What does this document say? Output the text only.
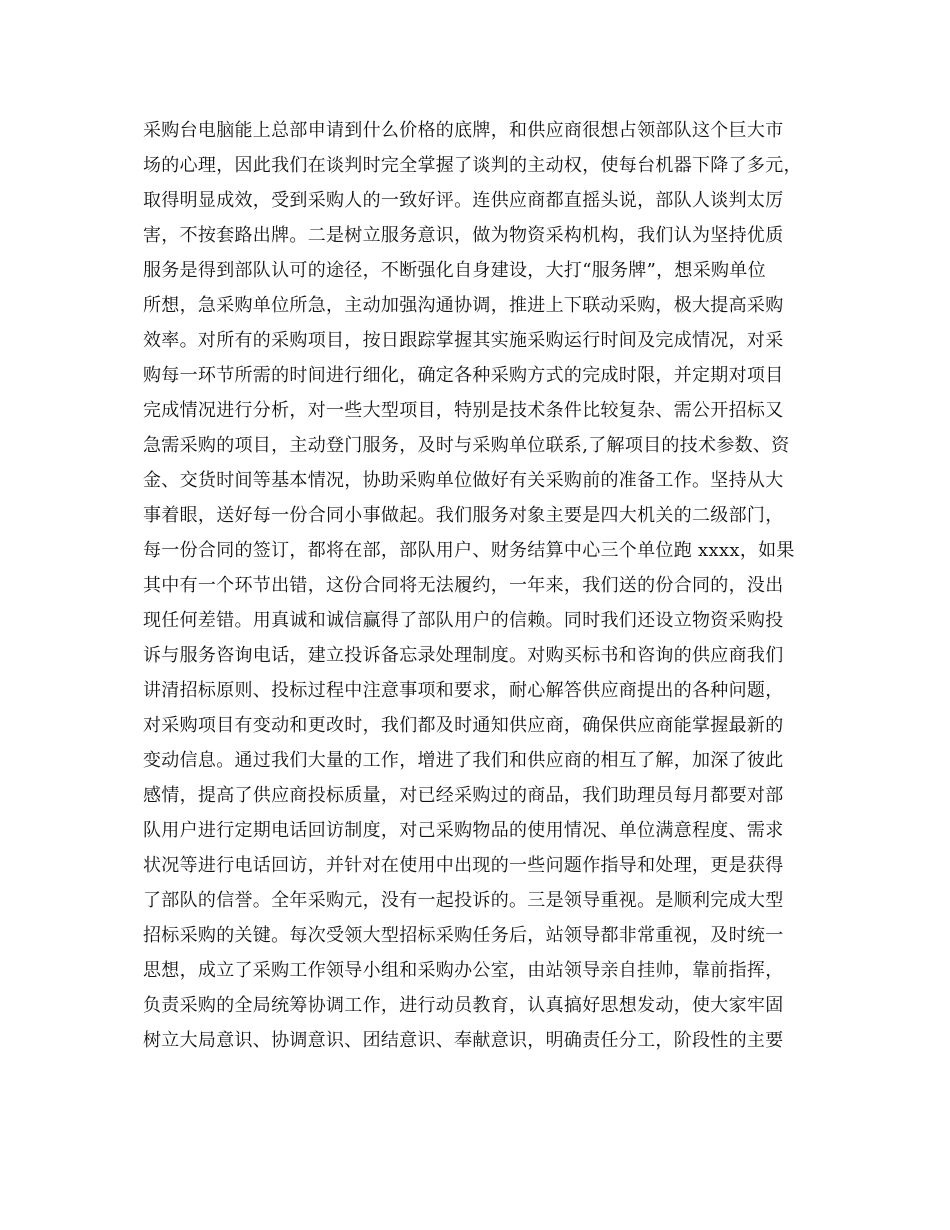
采购台电脑能上总部申请到什么价格的底牌，和供应商很想占领部队这个巨大市
场的心理，因此我们在谈判时完全掌握了谈判的主动权，使每台机器下降了多元，
取得明显成效，受到采购人的一致好评。连供应商都直摇头说，部队人谈判太厉
害，不按套路出牌。二是树立服务意识，做为物资采构机构，我们认为坚持优质
服务是得到部队认可的途径，不断强化自身建设，大打“服务牌”，想采购单位
所想，急采购单位所急，主动加强沟通协调，推进上下联动采购，极大提高采购
效率。对所有的采购项目，按日跟踪掌握其实施采购运行时间及完成情况，对采
购每一环节所需的时间进行细化，确定各种采购方式的完成时限，并定期对项目
完成情况进行分析，对一些大型项目，特别是技术条件比较复杂、需公开招标又
急需采购的项目，主动登门服务，及时与采购单位联系,了解项目的技术参数、资
金、交货时间等基本情况，协助采购单位做好有关采购前的准备工作。坚持从大
事着眼，送好每一份合同小事做起。我们服务对象主要是四大机关的二级部门，
每一份合同的签订，都将在部，部队用户、财务结算中心三个单位跑 xxxx，如果
其中有一个环节出错，这份合同将无法履约，一年来，我们送的份合同的，没出
现任何差错。用真诚和诚信赢得了部队用户的信赖。同时我们还设立物资采购投
诉与服务咨询电话，建立投诉备忘录处理制度。对购买标书和咨询的供应商我们
讲清招标原则、投标过程中注意事项和要求，耐心解答供应商提出的各种问题，
对采购项目有变动和更改时，我们都及时通知供应商，确保供应商能掌握最新的
变动信息。通过我们大量的工作，增进了我们和供应商的相互了解，加深了彼此
感情，提高了供应商投标质量，对已经采购过的商品，我们助理员每月都要对部
队用户进行定期电话回访制度，对己采购物品的使用情况、单位满意程度、需求
状况等进行电话回访，并针对在使用中出现的一些问题作指导和处理，更是获得
了部队的信誉。全年采购元，没有一起投诉的。三是领导重视。是顺利完成大型
招标采购的关键。每次受领大型招标采购任务后，站领导都非常重视，及时统一
思想，成立了采购工作领导小组和采购办公室，由站领导亲自挂帅，靠前指挥，
负责采购的全局统筹协调工作，进行动员教育，认真搞好思想发动，使大家牢固
树立大局意识、协调意识、团结意识、奉献意识，明确责任分工，阶段性的主要
